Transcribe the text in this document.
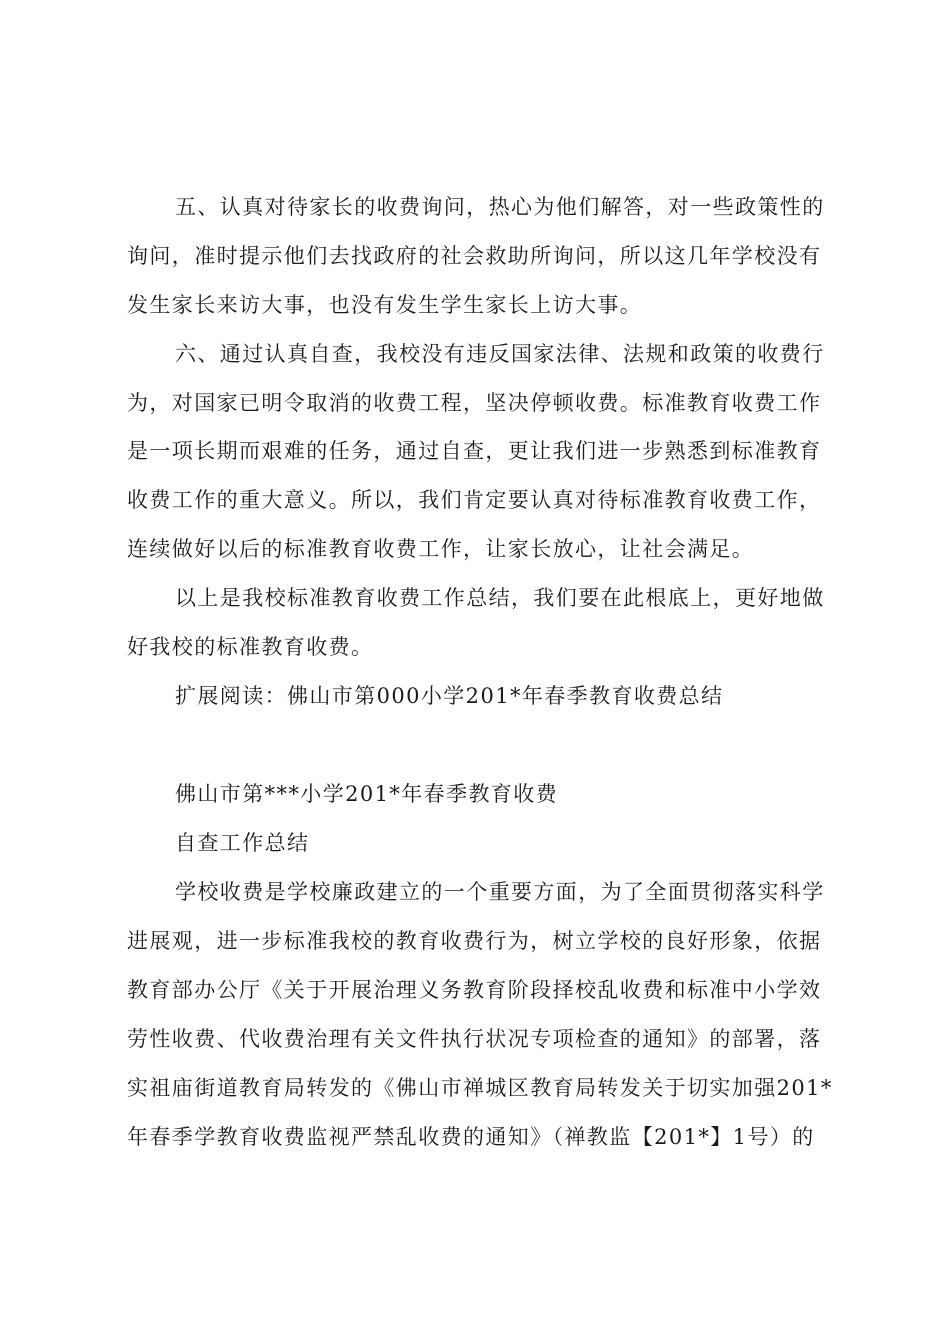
五、认真对待家长的收费询问，热心为他们解答，对一些政策性的
询问，准时提示他们去找政府的社会救助所询问，所以这几年学校没有
发生家长来访大事，也没有发生学生家长上访大事。
六、通过认真自查，我校没有违反国家法律、法规和政策的收费行
为，对国家已明令取消的收费工程，坚决停顿收费。标准教育收费工作
是一项长期而艰难的任务，通过自查，更让我们进一步熟悉到标准教育
收费工作的重大意义。所以，我们肯定要认真对待标准教育收费工作，
连续做好以后的标准教育收费工作，让家长放心，让社会满足。
以上是我校标准教育收费工作总结，我们要在此根底上，更好地做
好我校的标准教育收费。
扩展阅读：佛山市第000小学201*年春季教育收费总结
佛山市第***小学201*年春季教育收费
自查工作总结
学校收费是学校廉政建立的一个重要方面，为了全面贯彻落实科学
进展观，进一步标准我校的教育收费行为，树立学校的良好形象，依据
教育部办公厅《关于开展治理义务教育阶段择校乱收费和标准中小学效
劳性收费、代收费治理有关文件执行状况专项检查的通知》的部署，落
实祖庙街道教育局转发的《佛山市禅城区教育局转发关于切实加强201*
年春季学教育收费监视严禁乱收费的通知》（禅教监【201*】1号）的
